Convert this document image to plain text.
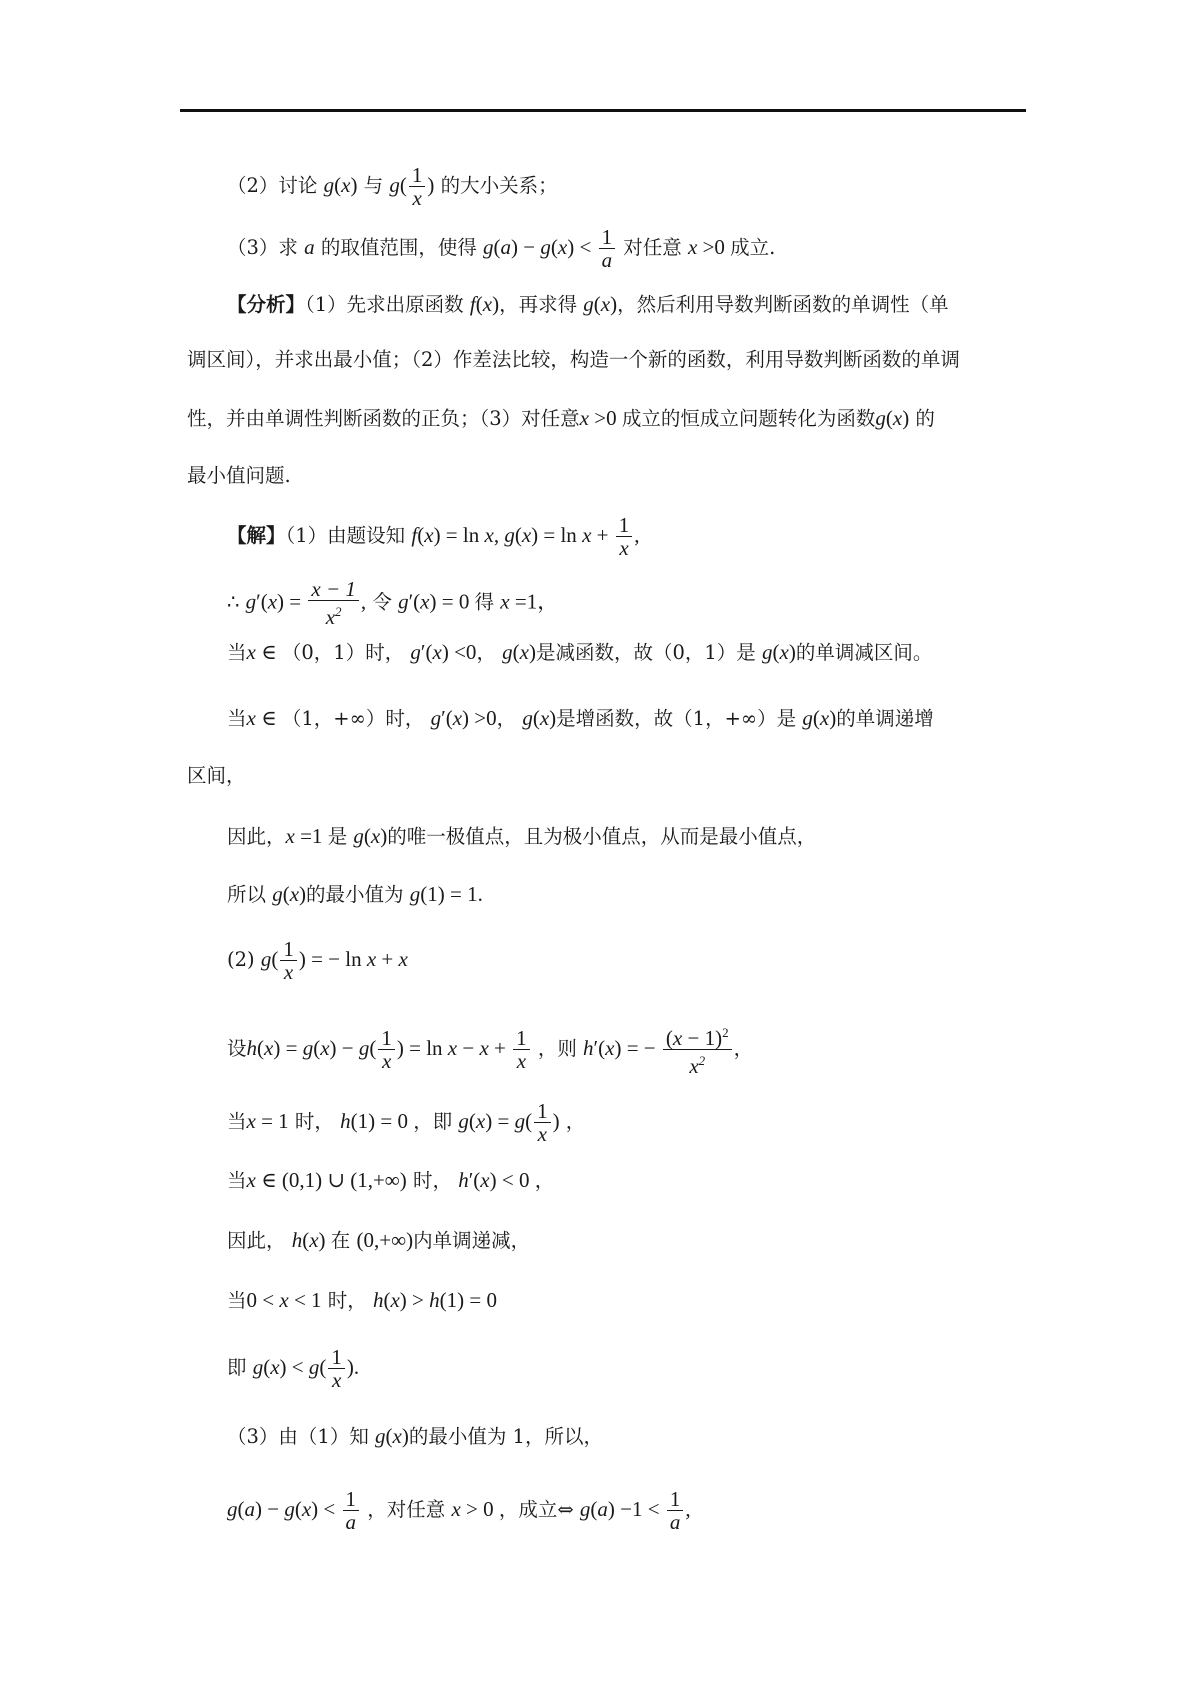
（2）讨论 g(x) 与 $g( \frac{1}{x}$ ) 的大小关系；
（3）求 a 的取值范围，使得 $g(a) - g(x) < \frac{1}{a}$ 对任意 x >0 成立.
【分析】（1）先求出原函数 f(x)，再求得 g(x)，然后利用导数判断函数的单调性（单
调区间），并求出最小值；（2）作差法比较，构造一个新的函数，利用导数判断函数的单调
性，并由单调性判断函数的正负；（3）对任意x >0 成立的恒成立问题转化为函数g(x) 的
最小值问题.
【解】（1）由题设知 f(x) = ln x, $g(x) = \ln x + \frac{1}{x}$ ,
∴ $g'(x) = \frac{x - 1}{x^2}$ , 令 g′(x) = 0 得 x =1，
当x ∈ （0，1）时， g′(x) <0， g(x)是减函数，故（0，1）是 g(x)的单调减区间。
当x ∈ （1，+∞）时， g′(x) >0， g(x)是增函数，故（1，+∞）是 g(x)的单调递增
区间，
因此，x =1 是 g(x)的唯一极值点，且为极小值点，从而是最小值点，
所以 g(x)的最小值为 g(1) = 1.
(2) $g( \frac{1}{x}$ ) = − ln x + x
设$h(x) = g(x) - g( \frac{1}{x}$ ) = $\ln x - x + \frac{1}{x}$ ，则 h′(x) = − $\frac{(x - 1)^2}{x^2}$ ，
当x = 1 时， h(1) = 0 ，即 $g(x) = g( \frac{1}{x}$ ) ，
当x ∈ (0,1) ∪ (1,+∞) 时， h′(x) < 0 ，
因此， h(x) 在 (0,+∞)内单调递减，
当0 < x < 1 时， h(x) > h(1) = 0
即 $g(x) < g( \frac{1}{x}$ ).
（3）由（1）知 g(x)的最小值为 1，所以，
$g(a) - g(x) < \frac{1}{a}$ ，对任意 x > 0 ，成立⇔ $g(a) -1 < \frac{1}{a}$ ,
